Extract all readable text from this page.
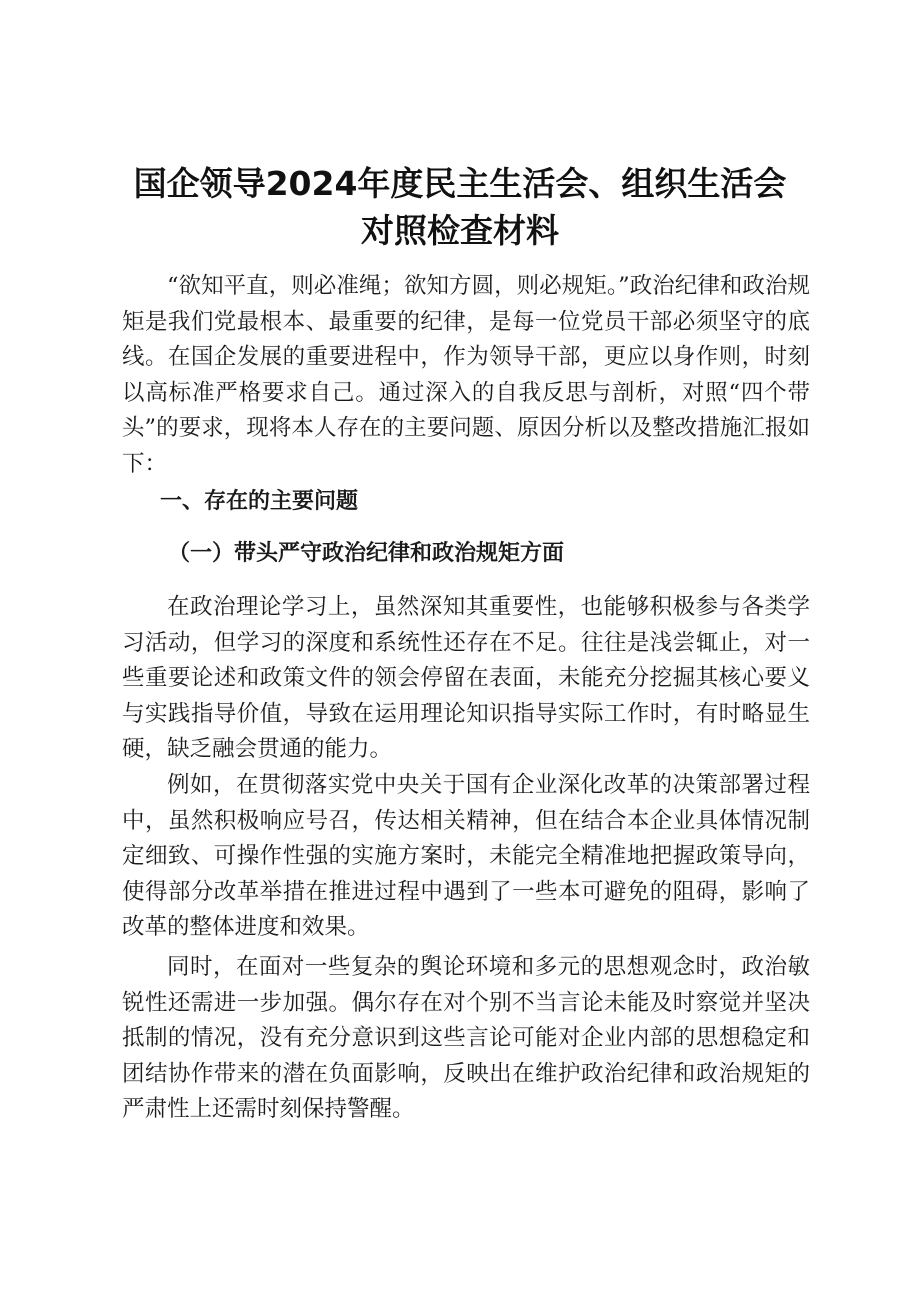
国企领导2024年度民主生活会、组织生活会
对照检查材料

“欲知平直，则必准绳；欲知方圆，则必规矩。”政治纪律和政治规矩是我们党最根本、最重要的纪律，是每一位党员干部必须坚守的底线。在国企发展的重要进程中，作为领导干部，更应以身作则，时刻以高标准严格要求自己。通过深入的自我反思与剖析，对照“四个带头”的要求，现将本人存在的主要问题、原因分析以及整改措施汇报如下：

一、存在的主要问题
（一）带头严守政治纪律和政治规矩方面

在政治理论学习上，虽然深知其重要性，也能够积极参与各类学习活动，但学习的深度和系统性还存在不足。往往是浅尝辄止，对一些重要论述和政策文件的领会停留在表面，未能充分挖掘其核心要义与实践指导价值，导致在运用理论知识指导实际工作时，有时略显生硬，缺乏融会贯通的能力。

例如，在贯彻落实党中央关于国有企业深化改革的决策部署过程中，虽然积极响应号召，传达相关精神，但在结合本企业具体情况制定细致、可操作性强的实施方案时，未能完全精准地把握政策导向，使得部分改革举措在推进过程中遇到了一些本可避免的阻碍，影响了改革的整体进度和效果。

同时，在面对一些复杂的舆论环境和多元的思想观念时，政治敏锐性还需进一步加强。偶尔存在对个别不当言论未能及时察觉并坚决抵制的情况，没有充分意识到这些言论可能对企业内部的思想稳定和团结协作带来的潜在负面影响，反映出在维护政治纪律和政治规矩的严肃性上还需时刻保持警醒。
